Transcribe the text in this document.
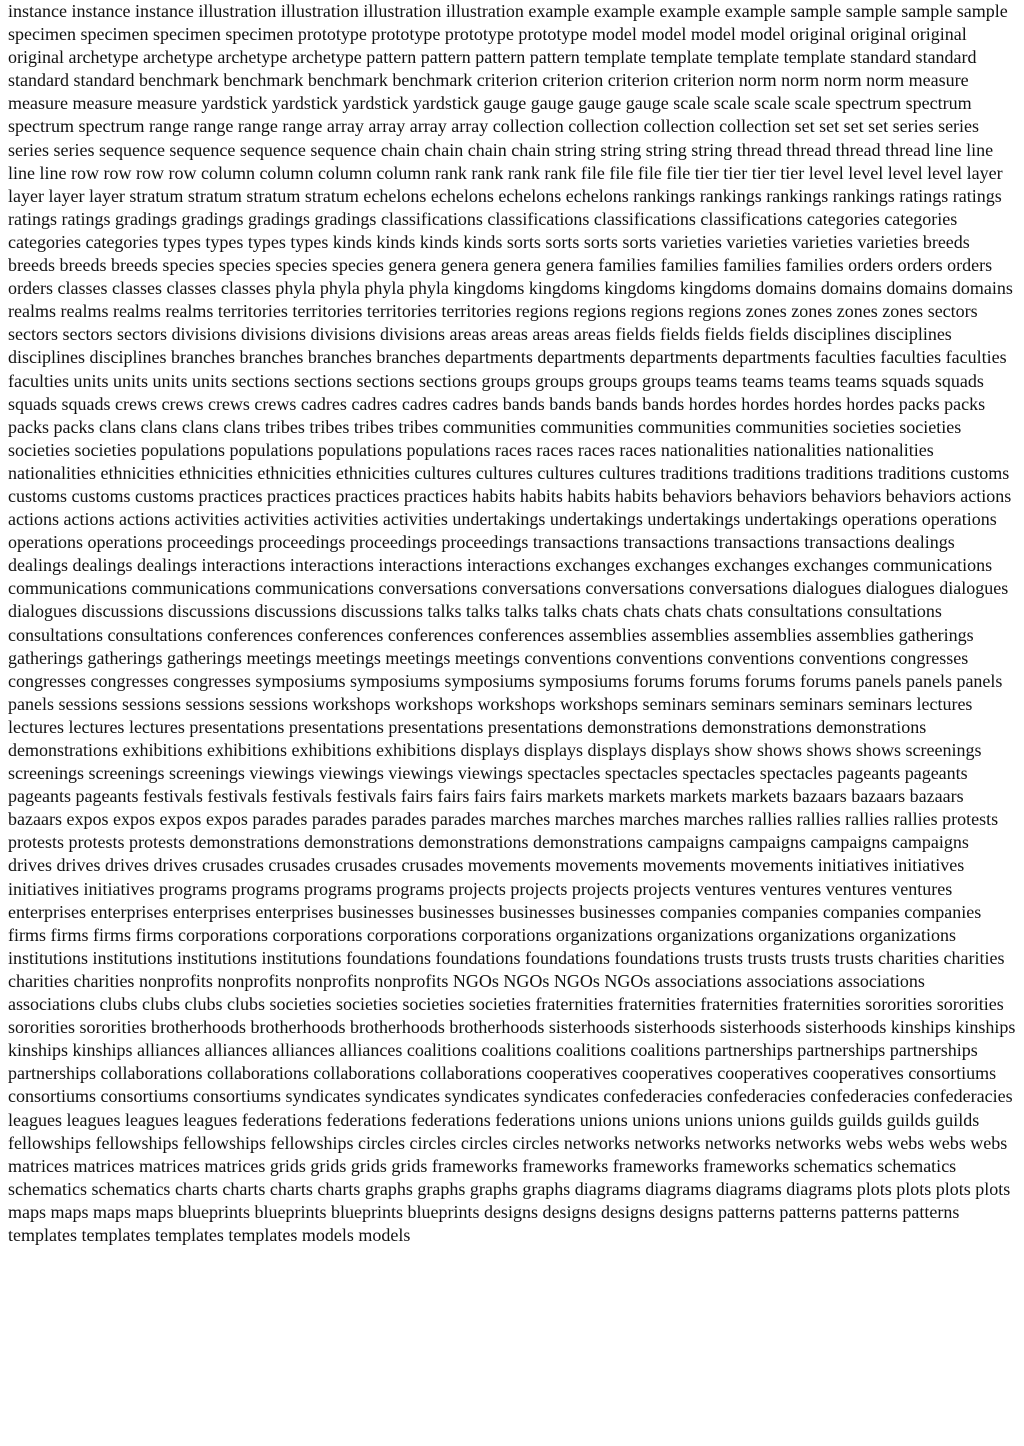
instance instance instance illustration illustration illustration illustration example example example example sample sample sample sample specimen specimen specimen specimen prototype prototype prototype prototype model model model model original original original original archetype archetype archetype archetype pattern pattern pattern pattern template template template template standard standard standard standard benchmark benchmark benchmark benchmark criterion criterion criterion criterion norm norm norm norm measure measure measure measure yardstick yardstick yardstick yardstick gauge gauge gauge gauge scale scale scale scale spectrum spectrum spectrum spectrum range range range range array array array array collection collection collection collection set set set set series series series series sequence sequence sequence sequence chain chain chain chain string string string string thread thread thread thread line line line line row row row row column column column column rank rank rank rank file file file file tier tier tier tier level level level level layer layer layer layer stratum stratum stratum stratum echelons echelons echelons echelons rankings rankings rankings rankings ratings ratings ratings ratings gradings gradings gradings gradings classifications classifications classifications classifications categories categories categories categories types types types types kinds kinds kinds kinds sorts sorts sorts sorts varieties varieties varieties varieties breeds breeds breeds breeds species species species species genera genera genera genera families families families families orders orders orders orders classes classes classes classes phyla phyla phyla phyla kingdoms kingdoms kingdoms kingdoms domains domains domains domains realms realms realms realms territories territories territories territories regions regions regions regions zones zones zones zones sectors sectors sectors sectors divisions divisions divisions divisions areas areas areas areas fields fields fields fields disciplines disciplines disciplines disciplines branches branches branches branches departments departments departments departments faculties faculties faculties faculties units units units units sections sections sections sections groups groups groups groups teams teams teams teams squads squads squads squads crews crews crews crews cadres cadres cadres cadres bands bands bands bands hordes hordes hordes hordes packs packs packs packs clans clans clans clans tribes tribes tribes tribes communities communities communities communities societies societies societies societies populations populations populations populations races races races races nationalities nationalities nationalities nationalities ethnicities ethnicities ethnicities ethnicities cultures cultures cultures cultures traditions traditions traditions traditions customs customs customs customs practices practices practices practices habits habits habits habits behaviors behaviors behaviors behaviors actions actions actions actions activities activities activities activities undertakings undertakings undertakings undertakings operations operations operations operations proceedings proceedings proceedings proceedings transactions transactions transactions transactions dealings dealings dealings dealings interactions interactions interactions interactions exchanges exchanges exchanges exchanges communications communications communications communications conversations conversations conversations conversations dialogues dialogues dialogues dialogues discussions discussions discussions discussions talks talks talks talks chats chats chats chats consultations consultations consultations consultations conferences conferences conferences conferences assemblies assemblies assemblies assemblies gatherings gatherings gatherings gatherings meetings meetings meetings meetings conventions conventions conventions conventions congresses congresses congresses congresses symposiums symposiums symposiums symposiums forums forums forums forums panels panels panels panels sessions sessions sessions sessions workshops workshops workshops workshops seminars seminars seminars seminars lectures lectures lectures lectures presentations presentations presentations presentations demonstrations demonstrations demonstrations demonstrations exhibitions exhibitions exhibitions exhibitions displays displays displays displays show shows shows shows screenings screenings screenings screenings viewings viewings viewings viewings spectacles spectacles spectacles spectacles pageants pageants pageants pageants festivals festivals festivals festivals fairs fairs fairs fairs markets markets markets markets bazaars bazaars bazaars bazaars expos expos expos expos parades parades parades parades marches marches marches marches rallies rallies rallies rallies protests protests protests protests demonstrations demonstrations demonstrations demonstrations campaigns campaigns campaigns campaigns drives drives drives drives crusades crusades crusades crusades movements movements movements movements initiatives initiatives initiatives initiatives programs programs programs programs projects projects projects projects ventures ventures ventures ventures enterprises enterprises enterprises enterprises businesses businesses businesses businesses companies companies companies companies firms firms firms firms corporations corporations corporations corporations organizations organizations organizations organizations institutions institutions institutions institutions foundations foundations foundations foundations trusts trusts trusts trusts charities charities charities charities nonprofits nonprofits nonprofits nonprofits NGOs NGOs NGOs NGOs associations associations associations associations clubs clubs clubs clubs societies societies societies societies fraternities fraternities fraternities fraternities sororities sororities sororities sororities brotherhoods brotherhoods brotherhoods brotherhoods sisterhoods sisterhoods sisterhoods sisterhoods kinships kinships kinships kinships alliances alliances alliances alliances coalitions coalitions coalitions coalitions partnerships partnerships partnerships partnerships collaborations collaborations collaborations collaborations cooperatives cooperatives cooperatives cooperatives consortiums consortiums consortiums consortiums syndicates syndicates syndicates syndicates confederacies confederacies confederacies confederacies leagues leagues leagues leagues federations federations federations federations unions unions unions unions guilds guilds guilds guilds fellowships fellowships fellowships fellowships circles circles circles circles networks networks networks networks webs webs webs webs matrices matrices matrices matrices grids grids grids grids frameworks frameworks frameworks frameworks schematics schematics schematics schematics charts charts charts charts graphs graphs graphs graphs diagrams diagrams diagrams diagrams plots plots plots plots maps maps maps maps blueprints blueprints blueprints blueprints designs designs designs designs patterns patterns patterns patterns templates templates templates templates models models
